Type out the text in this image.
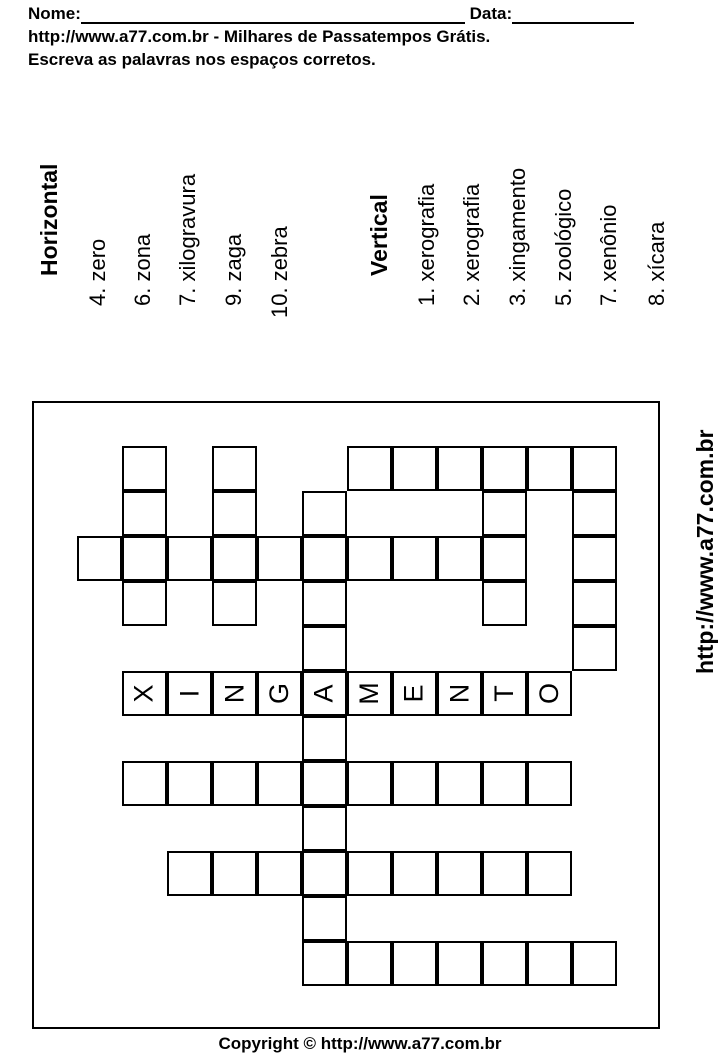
Nome:	Data:
http://www.a77.com.br - Milhares de Passatempos Grátis.
Escreva as palavras nos espaços corretos.
Horizontal 4. zero 6. zona 7. xilogravura 9. zaga 10. zebra	Vertical 1. xerografia 2. xerografia 3. xingamento 5. zoológico 7. xenônio 8. xícara
http://www.a77.com.br
X I N G A M E N T O
Copyright © http://www.a77.com.br
